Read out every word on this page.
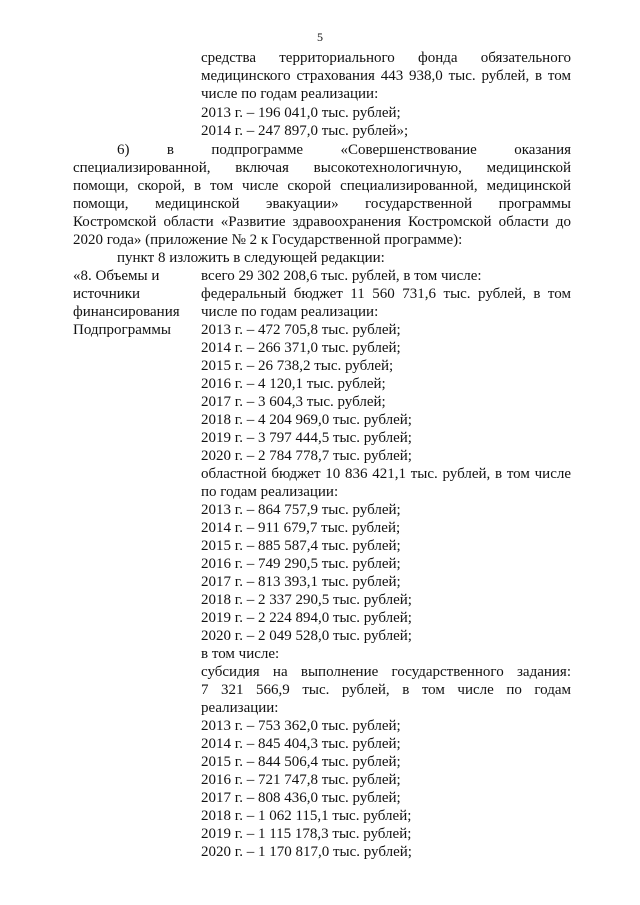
5
средства территориального фонда обязательного
медицинского страхования 443 938,0 тыс. рублей, в том
числе по годам реализации:
2013 г. – 196 041,0 тыс. рублей;
2014 г. – 247 897,0 тыс. рублей»;
6) в подпрограмме «Совершенствование оказания
специализированной, включая высокотехнологичную, медицинской
помощи, скорой, в том числе скорой специализированной, медицинской
помощи, медицинской эвакуации» государственной программы
Костромской области «Развитие здравоохранения Костромской области до
2020 года» (приложение № 2 к Государственной программе):
пункт 8 изложить в следующей редакции:
«8. Объемы и
источники
финансирования
Подпрограммы
всего 29 302 208,6 тыс. рублей, в том числе:
федеральный бюджет 11 560 731,6 тыс. рублей, в том
числе по годам реализации:
2013 г. – 472 705,8 тыс. рублей;
2014 г. – 266 371,0 тыс. рублей;
2015 г. – 26 738,2 тыс. рублей;
2016 г. – 4 120,1 тыс. рублей;
2017 г. – 3 604,3 тыс. рублей;
2018 г. – 4 204 969,0 тыс. рублей;
2019 г. – 3 797 444,5 тыс. рублей;
2020 г. – 2 784 778,7 тыс. рублей;
областной бюджет 10 836 421,1 тыс. рублей, в том числе
по годам реализации:
2013 г. – 864 757,9 тыс. рублей;
2014 г. – 911 679,7 тыс. рублей;
2015 г. – 885 587,4 тыс. рублей;
2016 г. – 749 290,5 тыс. рублей;
2017 г. – 813 393,1 тыс. рублей;
2018 г. – 2 337 290,5 тыс. рублей;
2019 г. – 2 224 894,0 тыс. рублей;
2020 г. – 2 049 528,0 тыс. рублей;
в том числе:
субсидия на выполнение государственного задания:
7 321 566,9 тыс. рублей, в том числе по годам
реализации:
2013 г. – 753 362,0 тыс. рублей;
2014 г. – 845 404,3 тыс. рублей;
2015 г. – 844 506,4 тыс. рублей;
2016 г. – 721 747,8 тыс. рублей;
2017 г. – 808 436,0 тыс. рублей;
2018 г. – 1 062 115,1 тыс. рублей;
2019 г. – 1 115 178,3 тыс. рублей;
2020 г. – 1 170 817,0 тыс. рублей;
